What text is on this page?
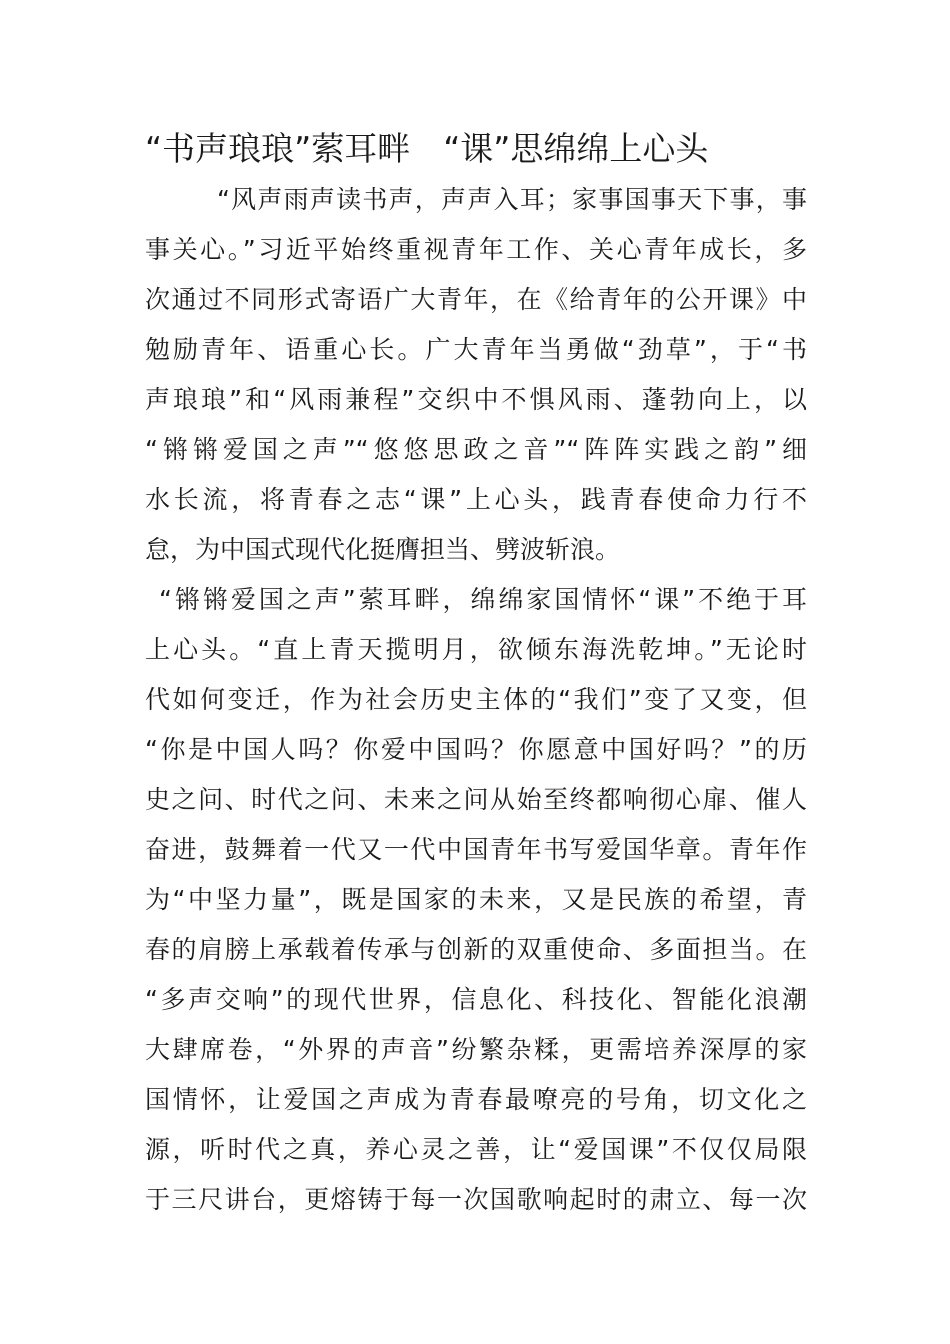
“书声琅琅”萦耳畔　“课”思绵绵上心头
“风声雨声读书声，声声入耳；家事国事天下事，事
事关心。”习近平始终重视青年工作、关心青年成长，多
次通过不同形式寄语广大青年，在《给青年的公开课》中
勉励青年、语重心长。广大青年当勇做“劲草”，于“书
声琅琅”和“风雨兼程”交织中不惧风雨、蓬勃向上，以
“锵锵爱国之声”“悠悠思政之音”“阵阵实践之韵”细
水长流，将青春之志“课”上心头，践青春使命力行不
怠，为中国式现代化挺膺担当、劈波斩浪。
“锵锵爱国之声”萦耳畔，绵绵家国情怀“课”不绝于耳
上心头。“直上青天揽明月，欲倾东海洗乾坤。”无论时
代如何变迁，作为社会历史主体的“我们”变了又变，但
“你是中国人吗？你爱中国吗？你愿意中国好吗？”的历
史之问、时代之问、未来之问从始至终都响彻心扉、催人
奋进，鼓舞着一代又一代中国青年书写爱国华章。青年作
为“中坚力量”，既是国家的未来，又是民族的希望，青
春的肩膀上承载着传承与创新的双重使命、多面担当。在
“多声交响”的现代世界，信息化、科技化、智能化浪潮
大肆席卷，“外界的声音”纷繁杂糅，更需培养深厚的家
国情怀，让爱国之声成为青春最嘹亮的号角，切文化之
源，听时代之真，养心灵之善，让“爱国课”不仅仅局限
于三尺讲台，更熔铸于每一次国歌响起时的肃立、每一次
